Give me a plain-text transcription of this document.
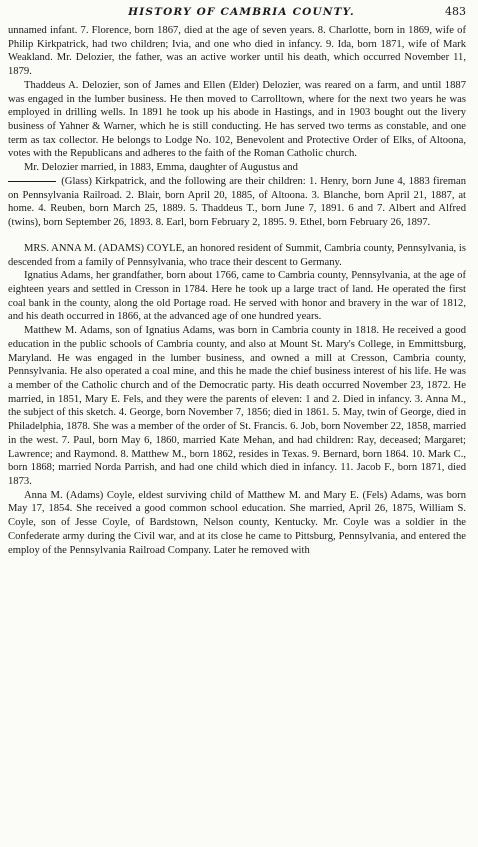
HISTORY OF CAMBRIA COUNTY.	483

unnamed infant. 7. Florence, born 1867, died at the age of seven years. 8. Charlotte, born in 1869, wife of Philip Kirkpatrick, had two children; Ivia, and one who died in infancy. 9. Ida, born 1871, wife of Mark Weakland. Mr. Delozier, the father, was an active worker until his death, which occurred November 11, 1879.

Thaddeus A. Delozier, son of James and Ellen (Elder) Delozier, was reared on a farm, and until 1887 was engaged in the lumber business. He then moved to Carrolltown, where for the next two years he was employed in drilling wells. In 1891 he took up his abode in Hastings, and in 1903 bought out the livery business of Yahner & Warner, which he is still conducting. He has served two terms as constable, and one term as tax collector. He belongs to Lodge No. 102, Benevolent and Protective Order of Elks, of Altoona, votes with the Republicans and adheres to the faith of the Roman Catholic church.

Mr. Delozier married, in 1883, Emma, daughter of Augustus and

(Glass) Kirkpatrick, and the following are their children: 1. Henry, born June 4, 1883 fireman on Pennsylvania Railroad. 2. Blair, born April 20, 1885, of Altoona. 3. Blanche, born April 21, 1887, at home. 4. Reuben, born March 25, 1889. 5. Thaddeus T., born June 7, 1891. 6 and 7. Albert and Alfred (twins), born September 26, 1893. 8. Earl, born February 2, 1895. 9. Ethel, born February 26, 1897.

MRS. ANNA M. (ADAMS) COYLE, an honored resident of Summit, Cambria county, Pennsylvania, is descended from a family of Pennsylvania, who trace their descent to Germany.

Ignatius Adams, her grandfather, born about 1766, came to Cambria county, Pennsylvania, at the age of eighteen years and settled in Cresson in 1784. Here he took up a large tract of land. He operated the first coal bank in the county, along the old Portage road. He served with honor and bravery in the war of 1812, and his death occurred in 1866, at the advanced age of one hundred years.

Matthew M. Adams, son of Ignatius Adams, was born in Cambria county in 1818. He received a good education in the public schools of Cambria county, and also at Mount St. Mary's College, in Emmittsburg, Maryland. He was engaged in the lumber business, and owned a mill at Cresson, Cambria county, Pennsylvania. He also operated a coal mine, and this he made the chief business interest of his life. He was a member of the Catholic church and of the Democratic party. His death occurred November 23, 1872. He married, in 1851, Mary E. Fels, and they were the parents of eleven: 1 and 2. Died in infancy. 3. Anna M., the subject of this sketch. 4. George, born November 7, 1856; died in 1861. 5. May, twin of George, died in Philadelphia, 1878. She was a member of the order of St. Francis. 6. Job, born November 22, 1858, married in the west. 7. Paul, born May 6, 1860, married Kate Mehan, and had children: Ray, deceased; Margaret; Lawrence; and Raymond. 8. Matthew M., born 1862, resides in Texas. 9. Bernard, born 1864. 10. Mark C., born 1868; married Norda Parrish, and had one child which died in infancy. 11. Jacob F., born 1871, died 1873.

Anna M. (Adams) Coyle, eldest surviving child of Matthew M. and Mary E. (Fels) Adams, was born May 17, 1854. She received a good common school education. She married, April 26, 1875, William S. Coyle, son of Jesse Coyle, of Bardstown, Nelson county, Kentucky. Mr. Coyle was a soldier in the Confederate army during the Civil war, and at its close he came to Pittsburg, Pennsylvania, and entered the employ of the Pennsylvania Railroad Company. Later he removed with
